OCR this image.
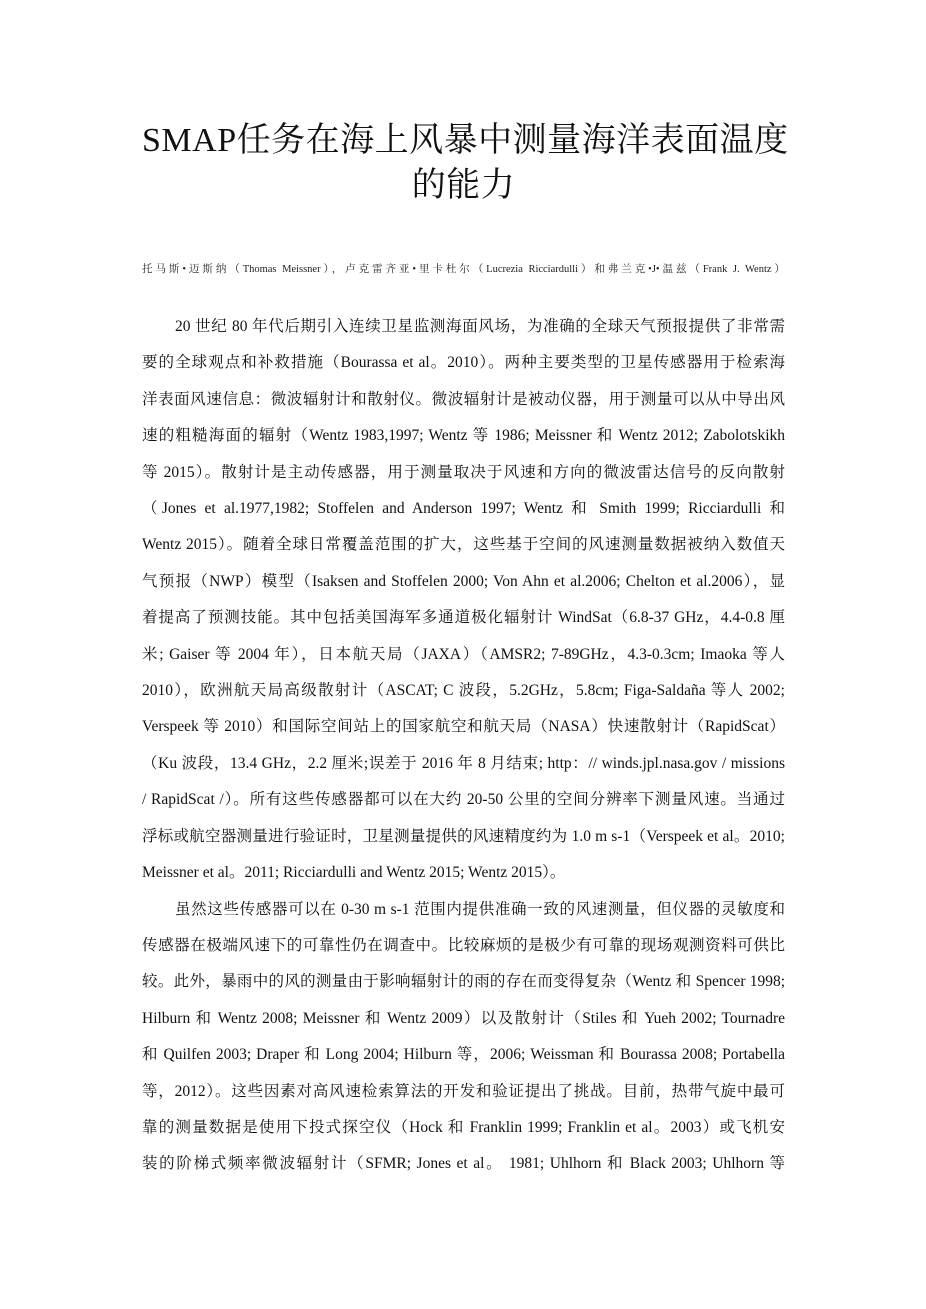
SMAP任务在海上风暴中测量海洋表面温度
的能力
托马斯•迈斯纳（Thomas Meissner），卢克雷齐亚•里卡杜尔（Lucrezia Ricciardulli）和弗兰克•J•温兹（Frank J. Wentz）
20 世纪 80 年代后期引入连续卫星监测海面风场，为准确的全球天气预报提供了非常需
要的全球观点和补救措施（Bourassa et al。2010）。两种主要类型的卫星传感器用于检索海
洋表面风速信息：微波辐射计和散射仪。微波辐射计是被动仪器，用于测量可以从中导出风
速的粗糙海面的辐射（Wentz 1983,1997; Wentz 等 1986; Meissner 和 Wentz 2012; Zabolotskikh
等 2015）。散射计是主动传感器，用于测量取决于风速和方向的微波雷达信号的反向散射
（Jones et al.1977,1982; Stoffelen and Anderson 1997; Wentz 和 Smith 1999; Ricciardulli 和
Wentz 2015）。随着全球日常覆盖范围的扩大，这些基于空间的风速测量数据被纳入数值天
气预报（NWP）模型（Isaksen and Stoffelen 2000; Von Ahn et al.2006; Chelton et al.2006），显
着提高了预测技能。其中包括美国海军多通道极化辐射计 WindSat（6.8-37 GHz，4.4-0.8 厘
米; Gaiser 等 2004 年），日本航天局（JAXA）（AMSR2; 7-89GHz，4.3-0.3cm; Imaoka 等人
2010），欧洲航天局高级散射计（ASCAT; C 波段，5.2GHz，5.8cm; Figa-Saldaña 等人 2002;
Verspeek 等 2010）和国际空间站上的国家航空和航天局（NASA）快速散射计（RapidScat）
（Ku 波段，13.4 GHz，2.2 厘米;误差于 2016 年 8 月结束; http：// winds.jpl.nasa.gov / missions
/ RapidScat /）。所有这些传感器都可以在大约 20-50 公里的空间分辨率下测量风速。当通过
浮标或航空器测量进行验证时，卫星测量提供的风速精度约为 1.0 m s-1（Verspeek et al。2010;
Meissner et al。2011; Ricciardulli and Wentz 2015; Wentz 2015）。
虽然这些传感器可以在 0-30 m s-1 范围内提供准确一致的风速测量，但仪器的灵敏度和
传感器在极端风速下的可靠性仍在调查中。比较麻烦的是极少有可靠的现场观测资料可供比
较。此外，暴雨中的风的测量由于影响辐射计的雨的存在而变得复杂（Wentz 和 Spencer 1998;
Hilburn 和 Wentz 2008; Meissner 和 Wentz 2009）以及散射计（Stiles 和 Yueh 2002; Tournadre
和 Quilfen 2003; Draper 和 Long 2004; Hilburn 等，2006; Weissman 和 Bourassa 2008; Portabella
等，2012）。这些因素对高风速检索算法的开发和验证提出了挑战。目前，热带气旋中最可
靠的测量数据是使用下投式探空仪（Hock 和 Franklin 1999; Franklin et al。2003）或飞机安
装的阶梯式频率微波辐射计（SFMR; Jones et al。 1981; Uhlhorn 和 Black 2003; Uhlhorn 等
